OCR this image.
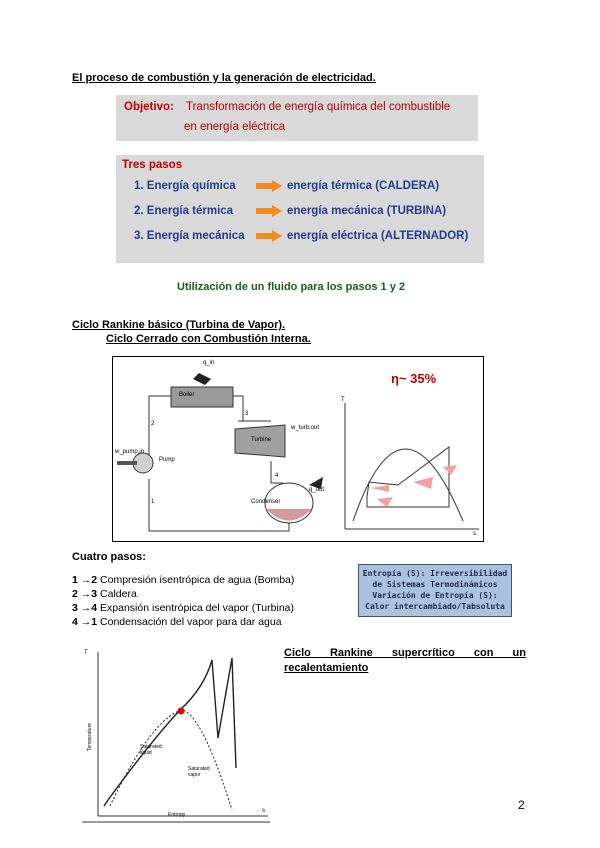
El proceso de combustión y la generación de electricidad.
Objetivo: Transformación de energía química del combustible
en energía eléctrica
Tres pasos
1. Energía química	energía térmica (CALDERA)
2. Energía térmica	energía mecánica (TURBINA)
3. Energía mecánica	energía eléctrica (ALTERNADOR)
Utilización de un fluido para los pasos 1 y 2
Ciclo Rankine básico (Turbina de Vapor).
Ciclo Cerrado con Combustión Interna.
q_in
Boiler
Turbine
Pump
Condenser
q_out
w_turb,out
w_pump,in
1
2
3
4
T
s
η~ 35%
Cuatro pasos:
1 →2 Compresión isentrópica de agua (Bomba)
2 →3 Caldera
3 →4 Expansión isentrópica del vapor (Turbina)
4 →1 Condensación del vapor para dar agua
Entropía (S): Irreversibilidad
de Sistemas Termodinámicos
Variación de Entropía (S):
Calor intercambiado/Tabsoluta
T
s
Temperature
Entropy
Saturated liquid
Saturated vapor
Ciclo Rankine supercrítico con un
recalentamiento
2
